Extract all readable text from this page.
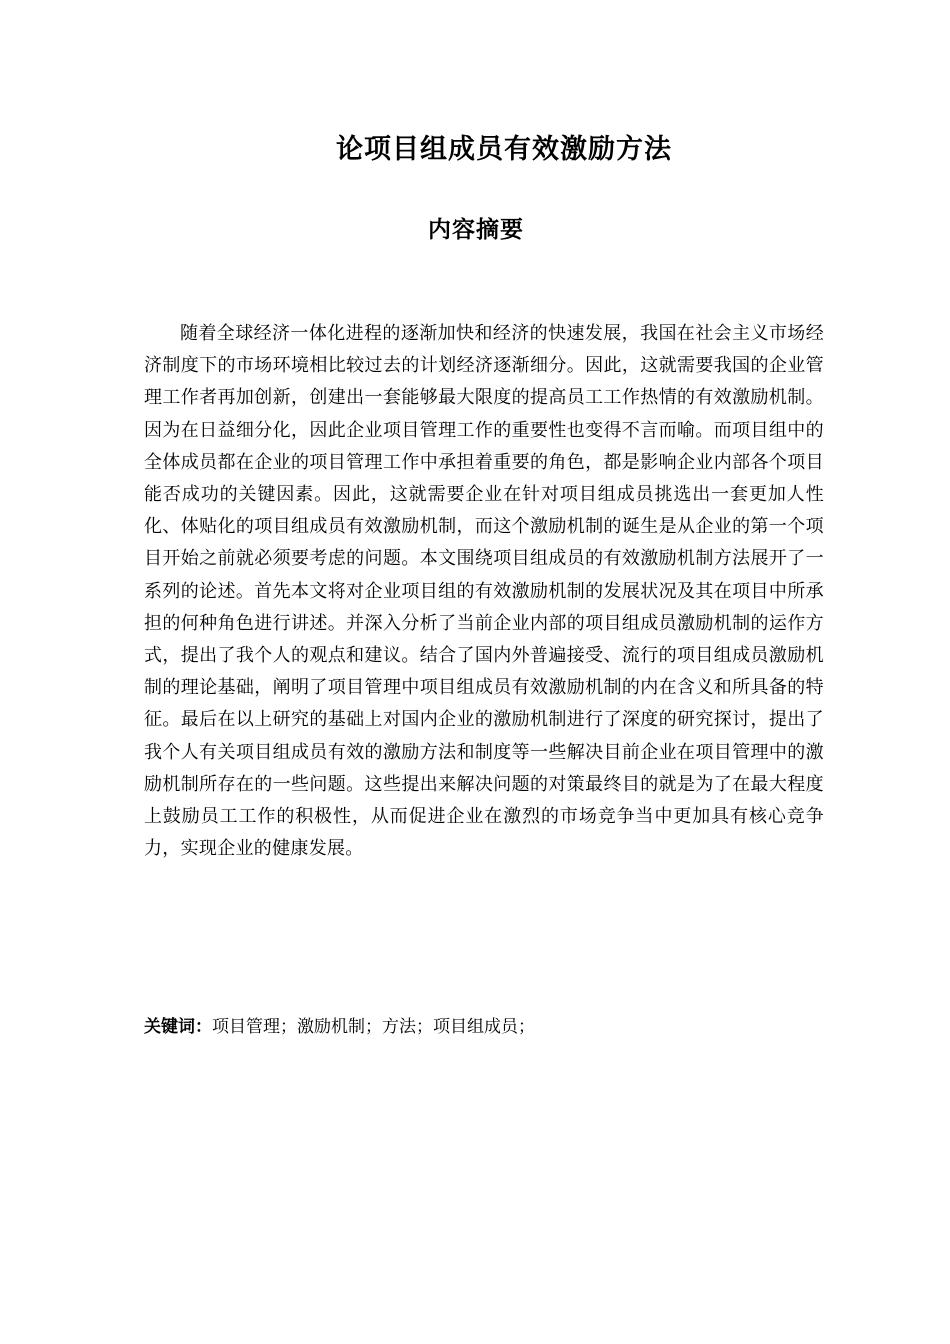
论项目组成员有效激励方法
内容摘要

随着全球经济一体化进程的逐渐加快和经济的快速发展，我国在社会主义市场经济制度下的市场环境相比较过去的计划经济逐渐细分。因此，这就需要我国的企业管理工作者再加创新，创建出一套能够最大限度的提高员工工作热情的有效激励机制。因为在日益细分化，因此企业项目管理工作的重要性也变得不言而喻。而项目组中的全体成员都在企业的项目管理工作中承担着重要的角色，都是影响企业内部各个项目能否成功的关键因素。因此，这就需要企业在针对项目组成员挑选出一套更加人性化、体贴化的项目组成员有效激励机制，而这个激励机制的诞生是从企业的第一个项目开始之前就必须要考虑的问题。本文围绕项目组成员的有效激励机制方法展开了一系列的论述。首先本文将对企业项目组的有效激励机制的发展状况及其在项目中所承担的何种角色进行讲述。并深入分析了当前企业内部的项目组成员激励机制的运作方式，提出了我个人的观点和建议。结合了国内外普遍接受、流行的项目组成员激励机制的理论基础，阐明了项目管理中项目组成员有效激励机制的内在含义和所具备的特征。最后在以上研究的基础上对国内企业的激励机制进行了深度的研究探讨，提出了我个人有关项目组成员有效的激励方法和制度等一些解决目前企业在项目管理中的激励机制所存在的一些问题。这些提出来解决问题的对策最终目的就是为了在最大程度上鼓励员工工作的积极性，从而促进企业在激烈的市场竞争当中更加具有核心竞争力，实现企业的健康发展。

关键词：项目管理；激励机制；方法；项目组成员；
